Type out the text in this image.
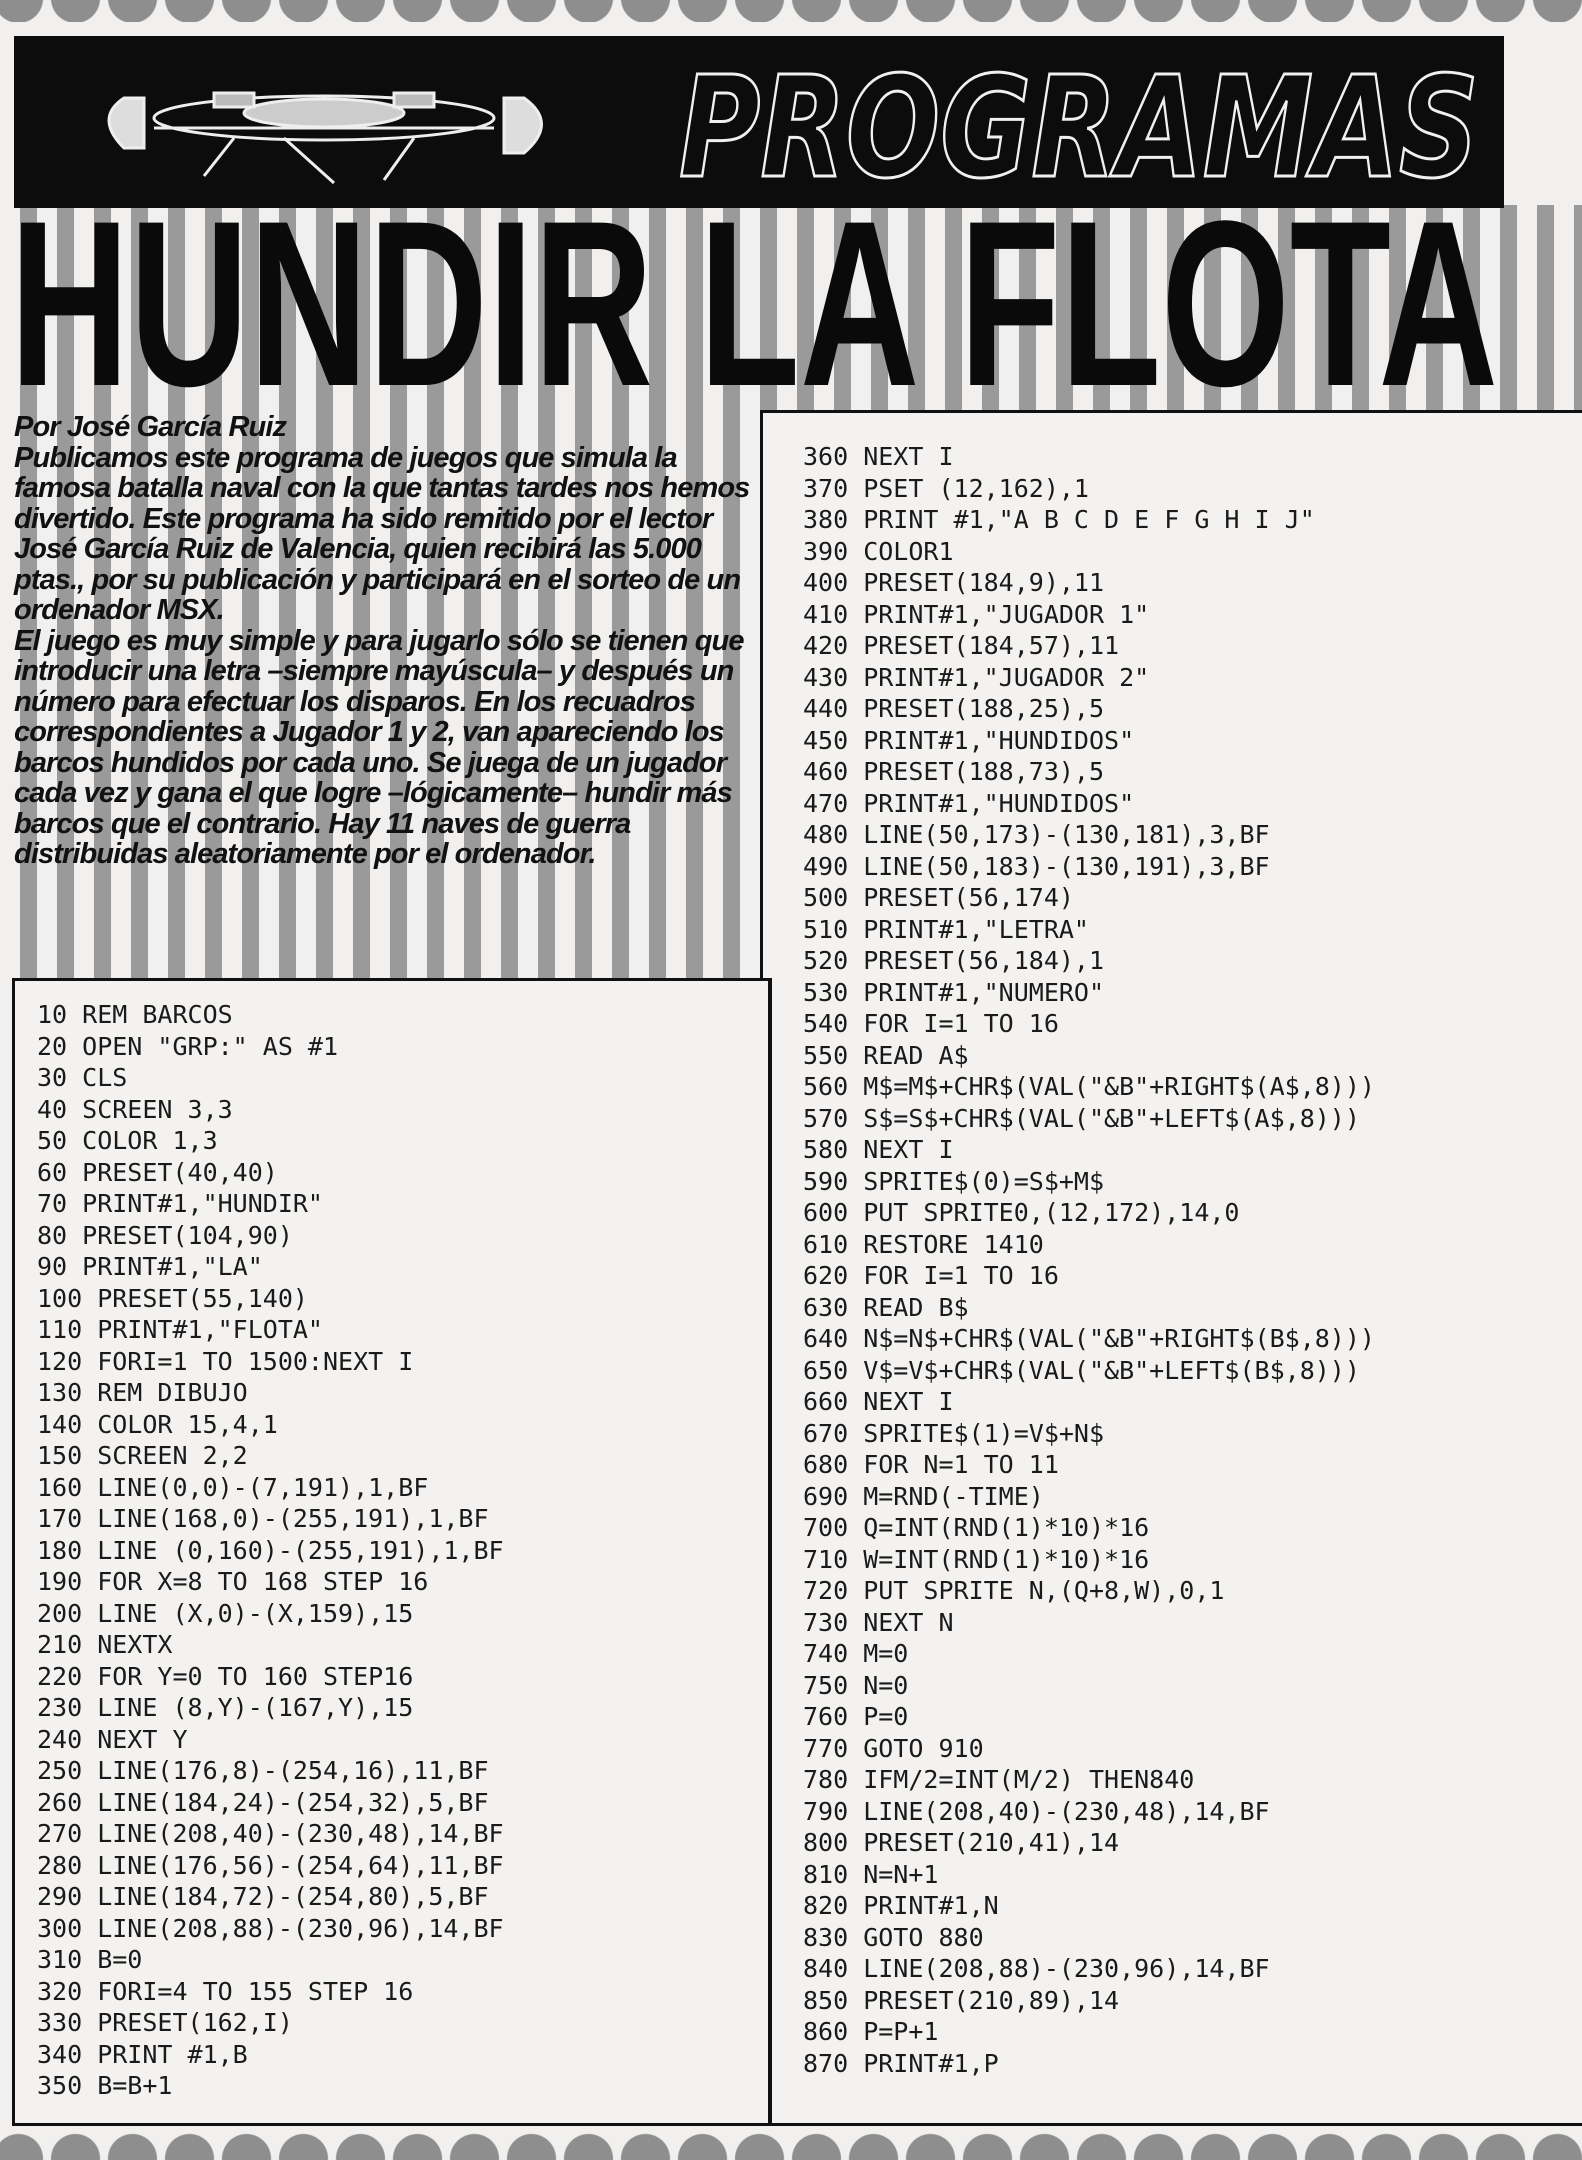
PROGRAMAS
HUNDIR LA FLOTA

Por José García Ruiz

Publicamos este programa de juegos que simula la famosa batalla naval con la que tantas tardes nos hemos divertido. Este programa ha sido remitido por el lector José García Ruiz de Valencia, quien recibirá las 5.000 ptas., por su publicación y participará en el sorteo de un ordenador MSX.

El juego es muy simple y para jugarlo sólo se tienen que introducir una letra –siempre mayúscula– y después un número para efectuar los disparos. En los recuadros correspondientes a Jugador 1 y 2, van apareciendo los barcos hundidos por cada uno. Se juega de un jugador cada vez y gana el que logre –lógicamente– hundir más barcos que el contrario. Hay 11 naves de guerra distribuidas aleatoriamente por el ordenador.

360 NEXT I
370 PSET (12,162),1
380 PRINT #1,"A B C D E F G H I J"
390 COLOR1
400 PRESET(184,9),11
410 PRINT#1,"JUGADOR 1"
420 PRESET(184,57),11
430 PRINT#1,"JUGADOR 2"
440 PRESET(188,25),5
450 PRINT#1,"HUNDIDOS"
460 PRESET(188,73),5
470 PRINT#1,"HUNDIDOS"
480 LINE(50,173)-(130,181),3,BF
490 LINE(50,183)-(130,191),3,BF
500 PRESET(56,174)
510 PRINT#1,"LETRA"
520 PRESET(56,184),1
530 PRINT#1,"NUMERO"
540 FOR I=1 TO 16
550 READ A$
560 M$=M$+CHR$(VAL("&B"+RIGHT$(A$,8)))
570 S$=S$+CHR$(VAL("&B"+LEFT$(A$,8)))
580 NEXT I
590 SPRITE$(0)=S$+M$
600 PUT SPRITE0,(12,172),14,0
610 RESTORE 1410
620 FOR I=1 TO 16
630 READ B$
640 N$=N$+CHR$(VAL("&B"+RIGHT$(B$,8)))
650 V$=V$+CHR$(VAL("&B"+LEFT$(B$,8)))
660 NEXT I
670 SPRITE$(1)=V$+N$
680 FOR N=1 TO 11
690 M=RND(-TIME)
700 Q=INT(RND(1)*10)*16
710 W=INT(RND(1)*10)*16
720 PUT SPRITE N,(Q+8,W),0,1
730 NEXT N
740 M=0
750 N=0
760 P=0
770 GOTO 910
780 IFM/2=INT(M/2) THEN840
790 LINE(208,40)-(230,48),14,BF
800 PRESET(210,41),14
810 N=N+1
820 PRINT#1,N
830 GOTO 880
840 LINE(208,88)-(230,96),14,BF
850 PRESET(210,89),14
860 P=P+1
870 PRINT#1,P
10 REM BARCOS
20 OPEN "GRP:" AS #1
30 CLS
40 SCREEN 3,3
50 COLOR 1,3
60 PRESET(40,40)
70 PRINT#1,"HUNDIR"
80 PRESET(104,90)
90 PRINT#1,"LA"
100 PRESET(55,140)
110 PRINT#1,"FLOTA"
120 FORI=1 TO 1500:NEXT I
130 REM DIBUJO
140 COLOR 15,4,1
150 SCREEN 2,2
160 LINE(0,0)-(7,191),1,BF
170 LINE(168,0)-(255,191),1,BF
180 LINE (0,160)-(255,191),1,BF
190 FOR X=8 TO 168 STEP 16
200 LINE (X,0)-(X,159),15
210 NEXTX
220 FOR Y=0 TO 160 STEP16
230 LINE (8,Y)-(167,Y),15
240 NEXT Y
250 LINE(176,8)-(254,16),11,BF
260 LINE(184,24)-(254,32),5,BF
270 LINE(208,40)-(230,48),14,BF
280 LINE(176,56)-(254,64),11,BF
290 LINE(184,72)-(254,80),5,BF
300 LINE(208,88)-(230,96),14,BF
310 B=0
320 FORI=4 TO 155 STEP 16
330 PRESET(162,I)
340 PRINT #1,B
350 B=B+1
